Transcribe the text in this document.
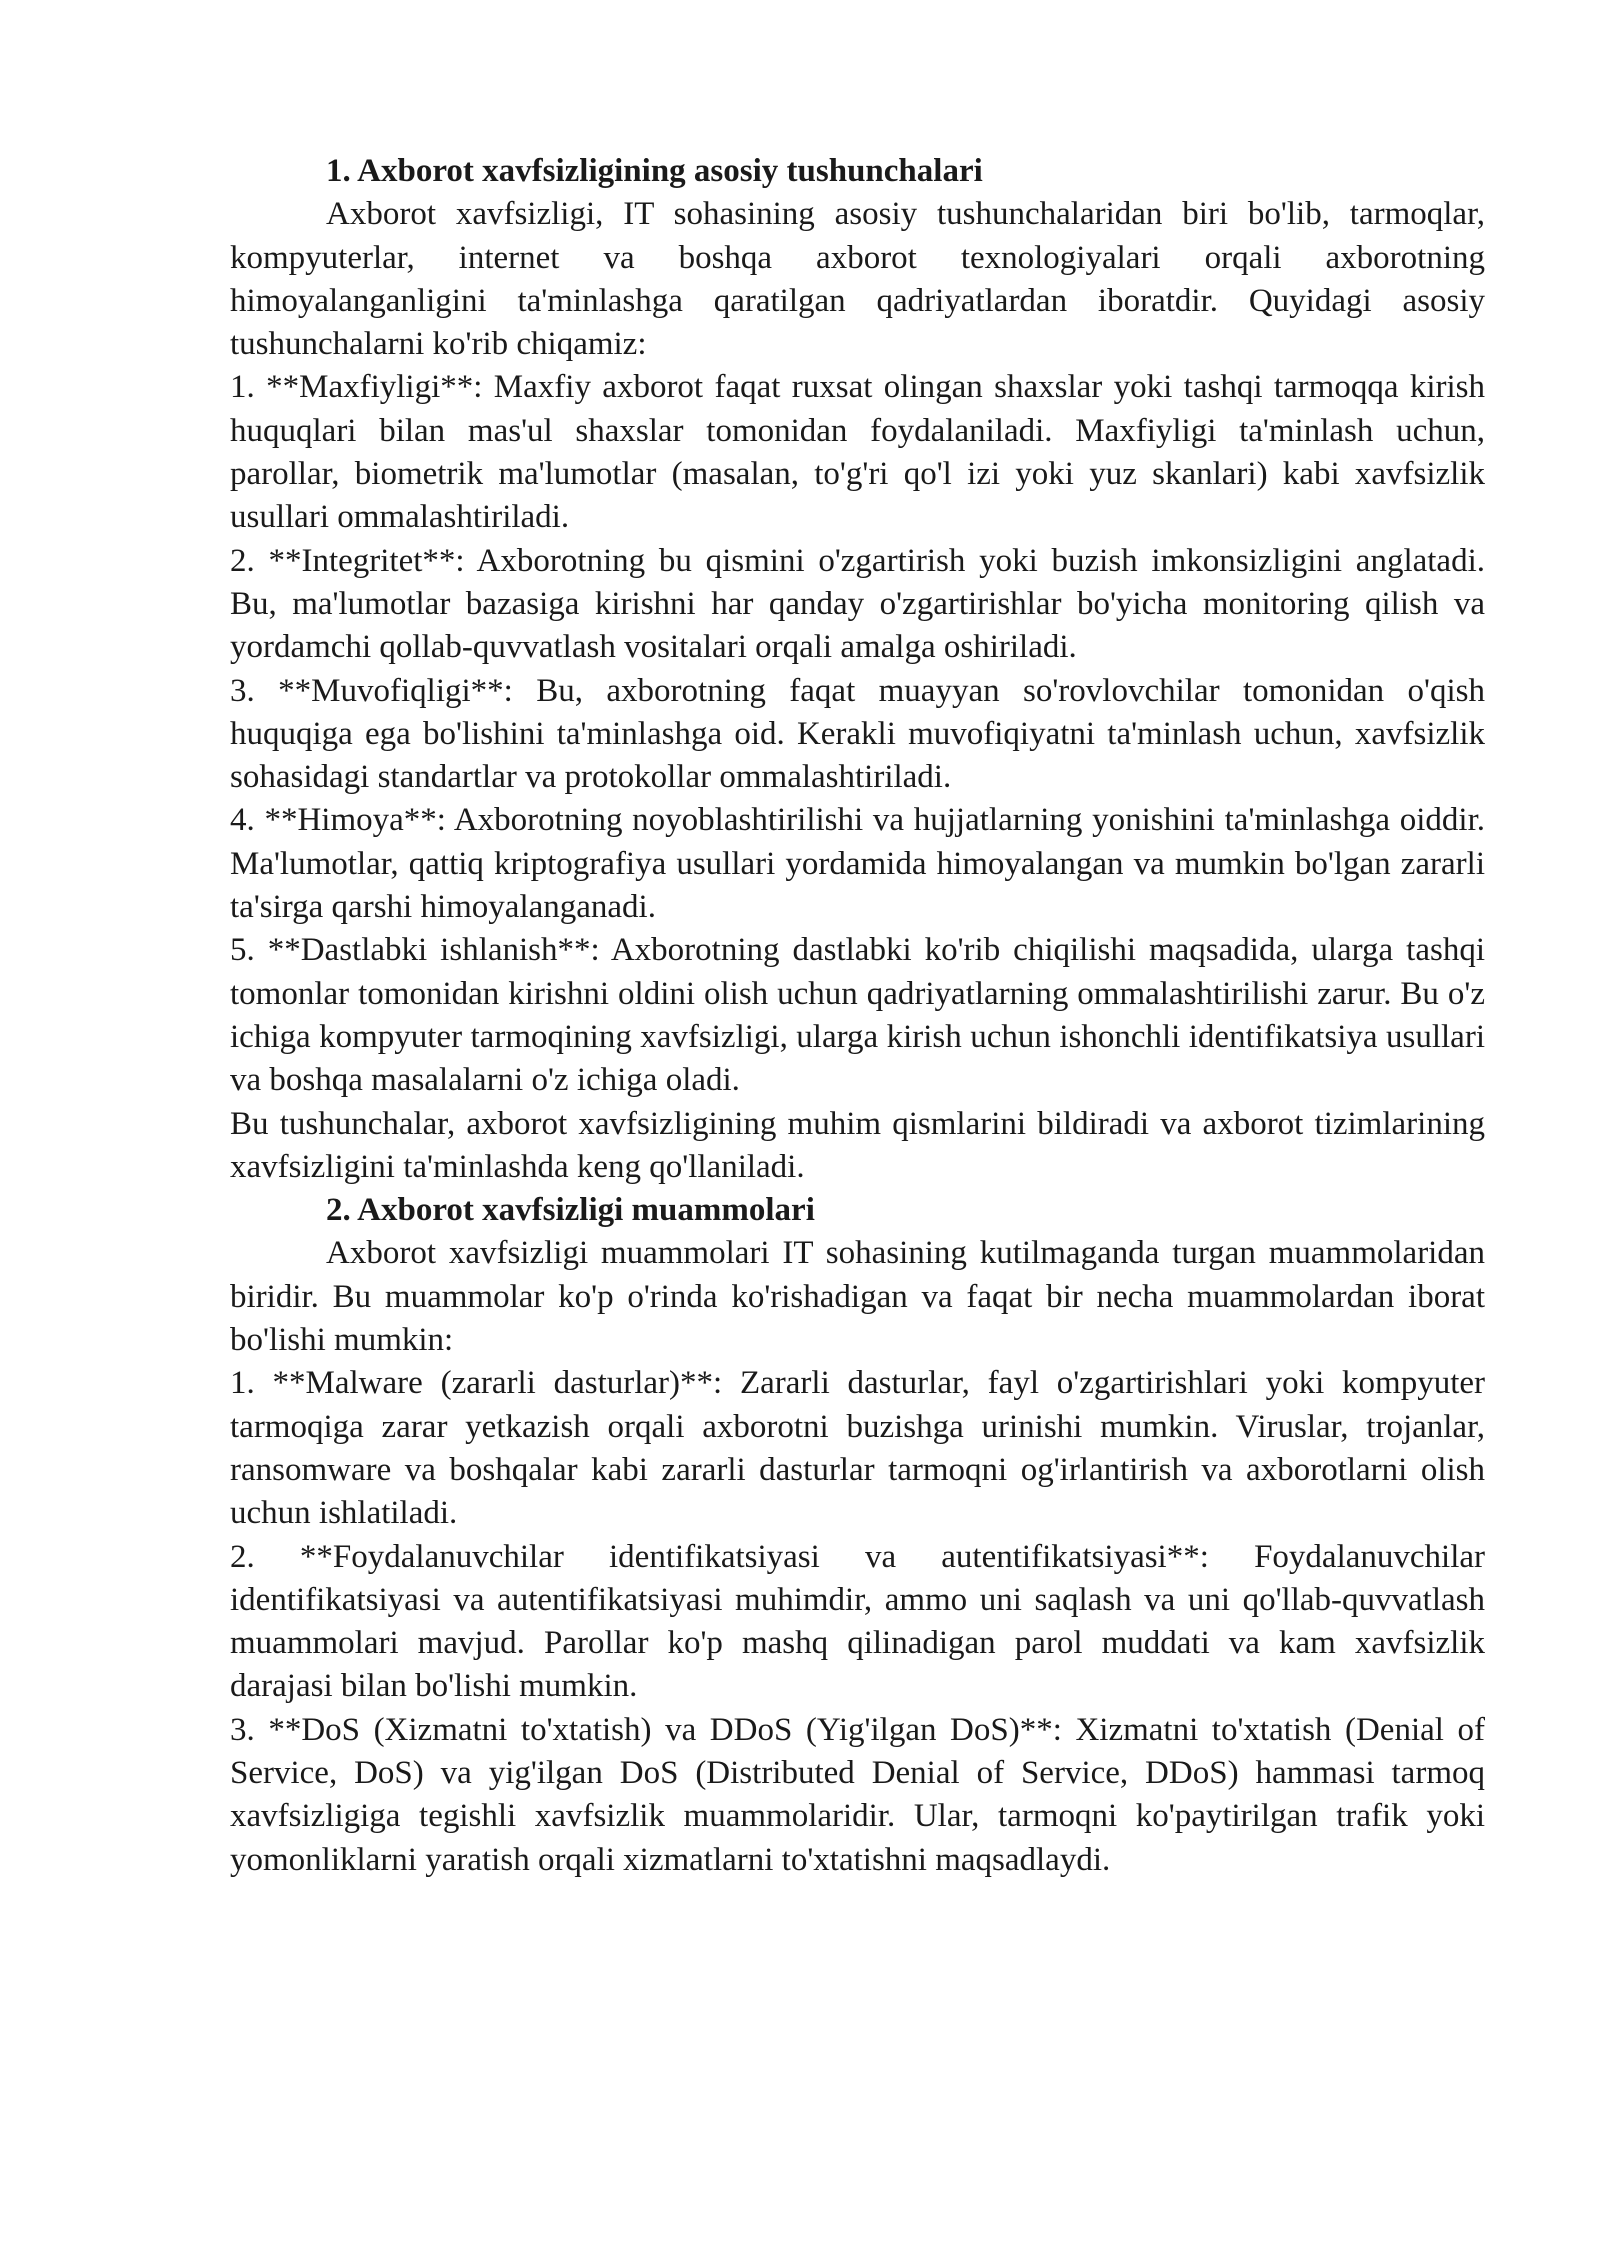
1. Axborot xavfsizligining asosiy tushunchalari

Axborot xavfsizligi, IT sohasining asosiy tushunchalaridan biri bo'lib, tarmoqlar, kompyuterlar, internet va boshqa axborot texnologiyalari orqali axborotning himoyalanganligini ta'minlashga qaratilgan qadriyatlardan iboratdir. Quyidagi asosiy tushunchalarni ko'rib chiqamiz:

1. **Maxfiyligi**: Maxfiy axborot faqat ruxsat olingan shaxslar yoki tashqi tarmoqqa kirish huquqlari bilan mas'ul shaxslar tomonidan foydalaniladi. Maxfiyligi ta'minlash uchun, parollar, biometrik ma'lumotlar (masalan, to'g'ri qo'l izi yoki yuz skanlari) kabi xavfsizlik usullari ommalashtiriladi.

2. **Integritet**: Axborotning bu qismini o'zgartirish yoki buzish imkonsizligini anglatadi. Bu, ma'lumotlar bazasiga kirishni har qanday o'zgartirishlar bo'yicha monitoring qilish va yordamchi qollab-quvvatlash vositalari orqali amalga oshiriladi.

3. **Muvofiqligi**: Bu, axborotning faqat muayyan so'rovlovchilar tomonidan o'qish huquqiga ega bo'lishini ta'minlashga oid. Kerakli muvofiqiyatni ta'minlash uchun, xavfsizlik sohasidagi standartlar va protokollar ommalashtiriladi.

4. **Himoya**: Axborotning noyoblashtirilishi va hujjatlarning yonishini ta'minlashga oiddir. Ma'lumotlar, qattiq kriptografiya usullari yordamida himoyalangan va mumkin bo'lgan zararli ta'sirga qarshi himoyalanganadi.

5. **Dastlabki ishlanish**: Axborotning dastlabki ko'rib chiqilishi maqsadida, ularga tashqi tomonlar tomonidan kirishni oldini olish uchun qadriyatlarning ommalashtirilishi zarur. Bu o'z ichiga kompyuter tarmoqining xavfsizligi, ularga kirish uchun ishonchli identifikatsiya usullari va boshqa masalalarni o'z ichiga oladi.

Bu tushunchalar, axborot xavfsizligining muhim qismlarini bildiradi va axborot tizimlarining xavfsizligini ta'minlashda keng qo'llaniladi.

2. Axborot xavfsizligi muammolari

Axborot xavfsizligi muammolari IT sohasining kutilmaganda turgan muammolaridan biridir. Bu muammolar ko'p o'rinda ko'rishadigan va faqat bir necha muammolardan iborat bo'lishi mumkin:

1. **Malware (zararli dasturlar)**: Zararli dasturlar, fayl o'zgartirishlari yoki kompyuter tarmoqiga zarar yetkazish orqali axborotni buzishga urinishi mumkin. Viruslar, trojanlar, ransomware va boshqalar kabi zararli dasturlar tarmoqni og'irlantirish va axborotlarni olish uchun ishlatiladi.

2. **Foydalanuvchilar identifikatsiyasi va autentifikatsiyasi**: Foydalanuvchilar identifikatsiyasi va autentifikatsiyasi muhimdir, ammo uni saqlash va uni qo'llab-quvvatlash muammolari mavjud. Parollar ko'p mashq qilinadigan parol muddati va kam xavfsizlik darajasi bilan bo'lishi mumkin.

3. **DoS (Xizmatni to'xtatish) va DDoS (Yig'ilgan DoS)**: Xizmatni to'xtatish (Denial of Service, DoS) va yig'ilgan DoS (Distributed Denial of Service, DDoS) hammasi tarmoq xavfsizligiga tegishli xavfsizlik muammolaridir. Ular, tarmoqni ko'paytirilgan trafik yoki yomonliklarni yaratish orqali xizmatlarni to'xtatishni maqsadlaydi.
